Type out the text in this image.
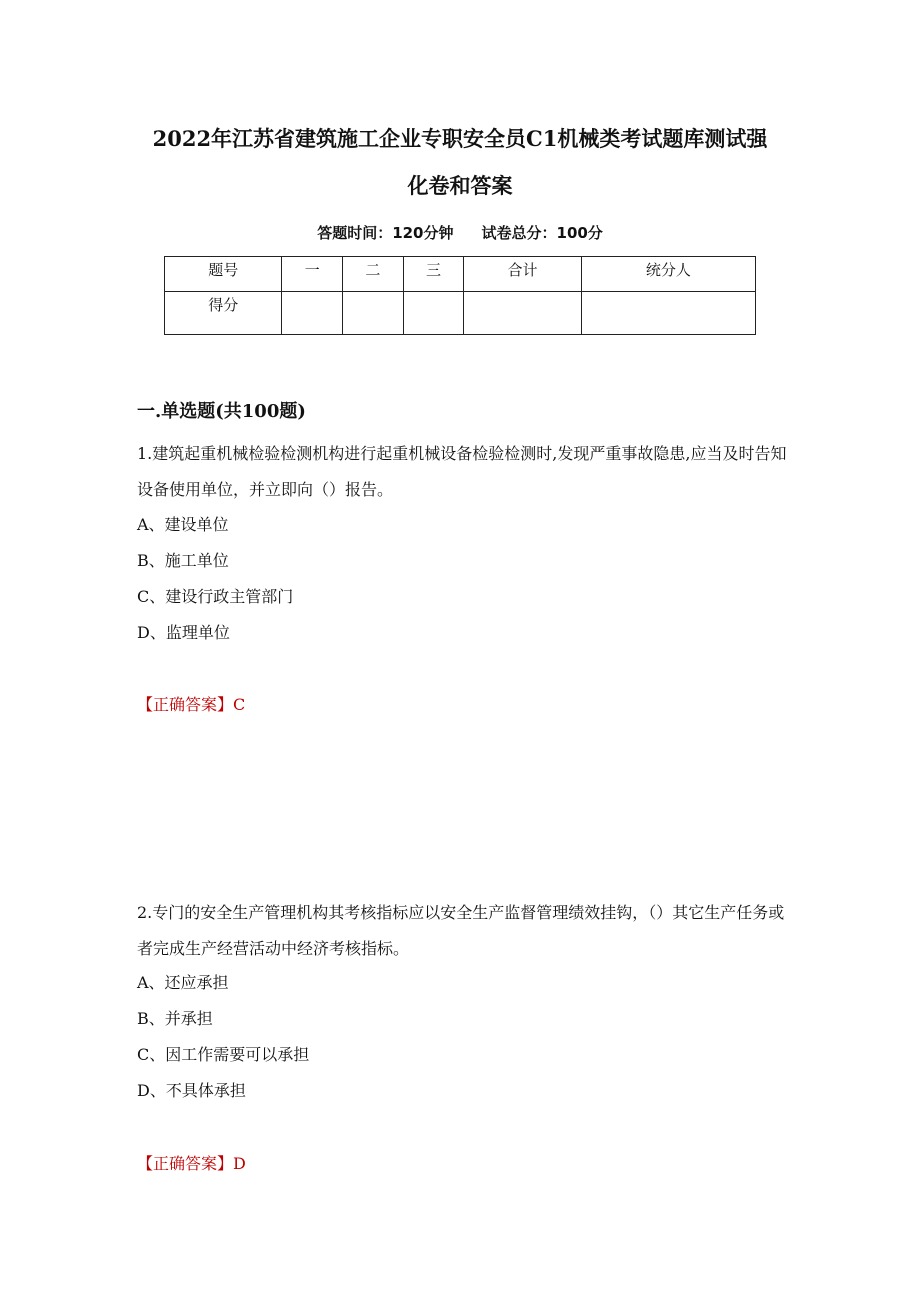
2022年江苏省建筑施工企业专职安全员C1机械类考试题库测试强
化卷和答案
答题时间：120分钟 试卷总分：100分
题号	一	二	三	合计	统分人
得分					
一.单选题(共100题)
1.建筑起重机械检验检测机构进行起重机械设备检验检测时,发现严重事故隐患,应当及时告知设备使用单位，并立即向（）报告。
A、建设单位
B、施工单位
C、建设行政主管部门
D、监理单位
【正确答案】C
2.专门的安全生产管理机构其考核指标应以安全生产监督管理绩效挂钩，（）其它生产任务或者完成生产经营活动中经济考核指标。
A、还应承担
B、并承担
C、因工作需要可以承担
D、不具体承担
【正确答案】D
